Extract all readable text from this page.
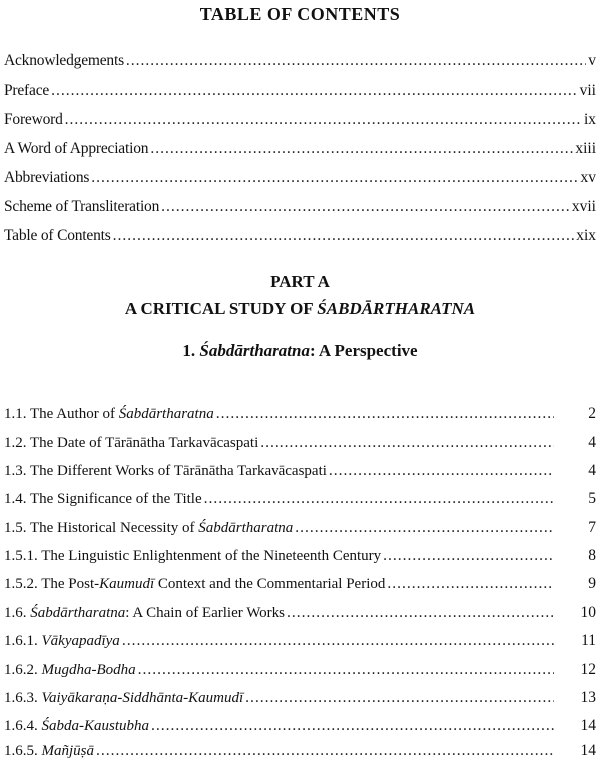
TABLE OF CONTENTS
Acknowledgements .....	v
Preface .....	vii
Foreword .....	ix
A Word of Appreciation .....	xiii
Abbreviations .....	xv
Scheme of Transliteration .....	xvii
Table of Contents .....	xix
PART A
A CRITICAL STUDY OF ŚABDĀRTHARATNA
1. Śabdārtharatna: A Perspective
1.1. The Author of Śabdārtharatna .....	2
1.2. The Date of Tārānātha Tarkavācaspati .....	4
1.3. The Different Works of Tārānātha Tarkavācaspati .....	4
1.4. The Significance of the Title .....	5
1.5. The Historical Necessity of Śabdārtharatna .....	7
1.5.1. The Linguistic Enlightenment of the Nineteenth Century .....	8
1.5.2. The Post-Kaumudī Context and the Commentarial Period .....	9
1.6. Śabdārtharatna: A Chain of Earlier Works .....	10
1.6.1. Vākyapadīya .....	11
1.6.2. Mugdha-Bodha .....	12
1.6.3. Vaiyākaraṇa-Siddhānta-Kaumudī .....	13
1.6.4. Śabda-Kaustubha .....	14
1.6.5. Mañjūṣā .....	14
